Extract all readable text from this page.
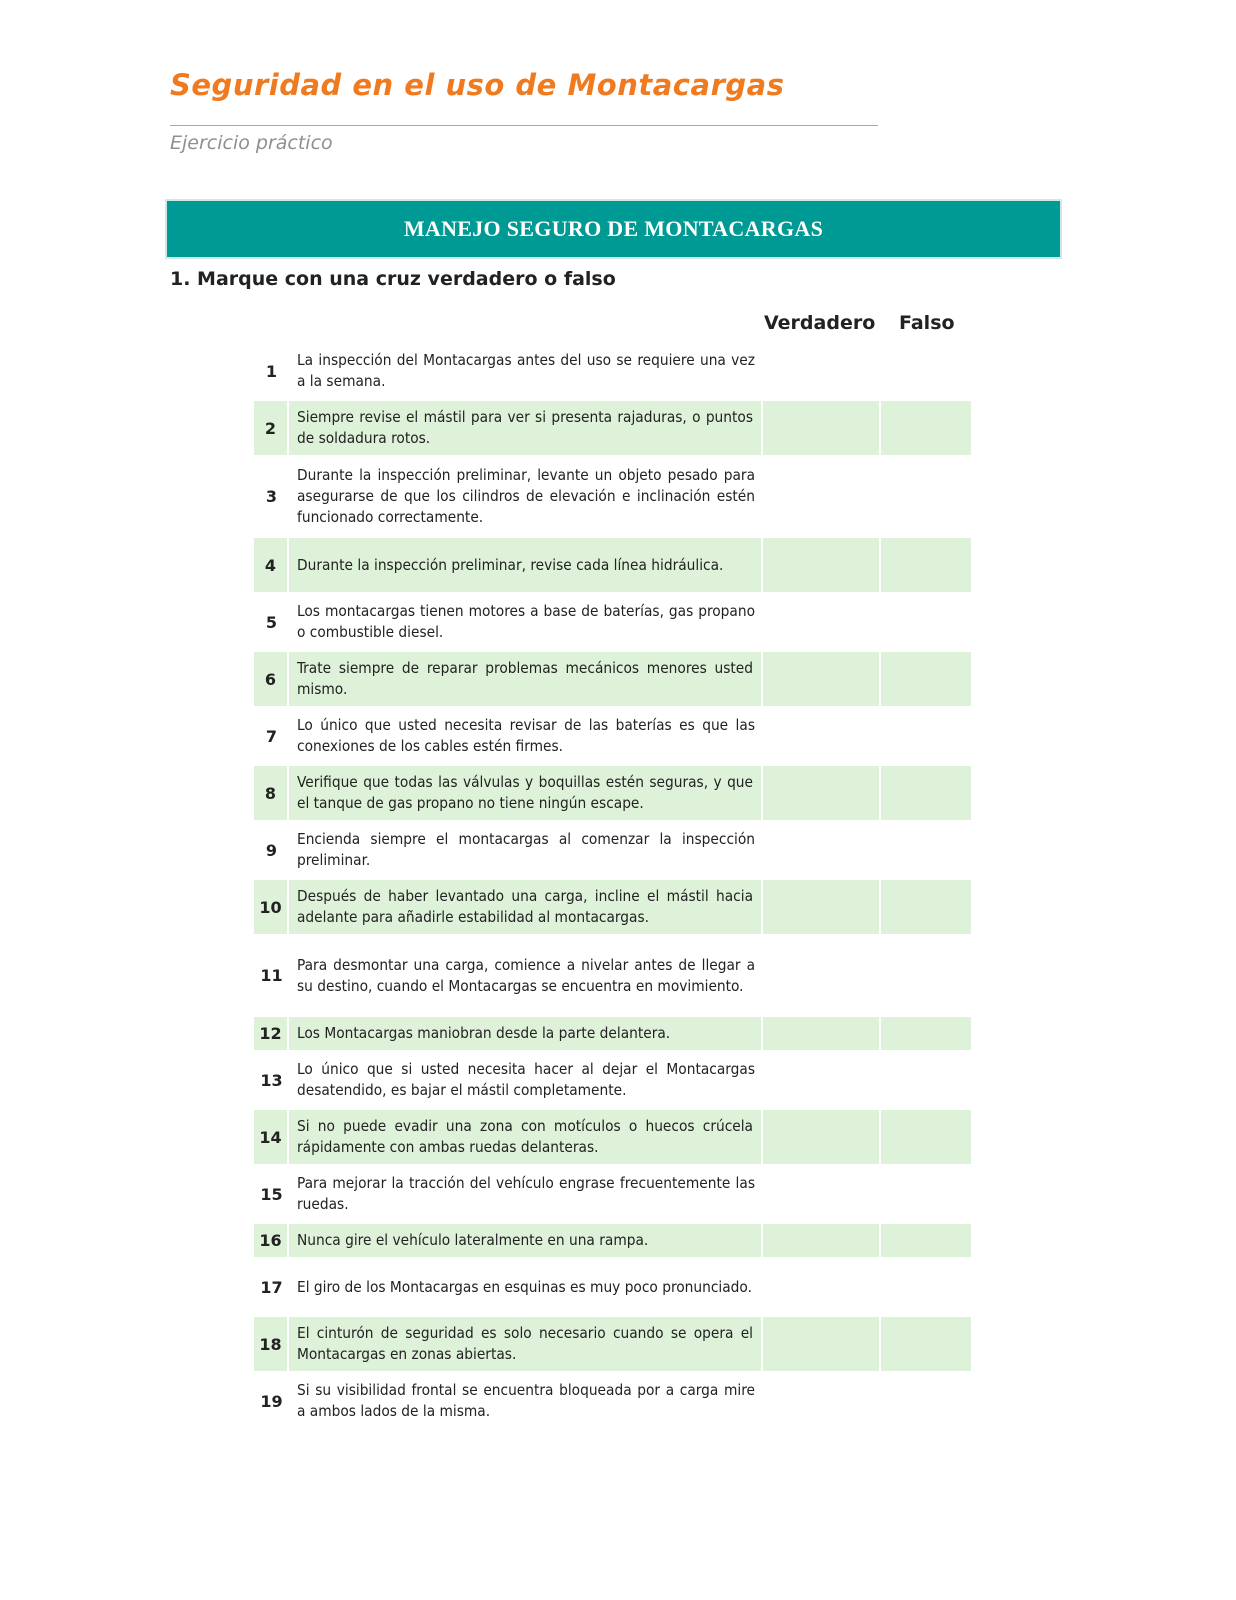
Seguridad en el uso de Montacargas

Ejercicio práctico

MANEJO SEGURO DE MONTACARGAS

1. Marque con una cruz verdadero o falso

Verdadero Falso
1	La inspección del Montacargas antes del uso se requiere una vez a la semana.		

2	Siempre revise el mástil para ver si presenta rajaduras, o puntos de soldadura rotos.		

3	Durante la inspección preliminar, levante un objeto pesado para asegurarse de que los cilindros de elevación e inclinación estén funcionado correctamente.		

4	Durante la inspección preliminar, revise cada línea hidráulica.		

5	Los montacargas tienen motores a base de baterías, gas propano o combustible diesel.		

6	Trate siempre de reparar problemas mecánicos menores usted mismo.		

7	Lo único que usted necesita revisar de las baterías es que las conexiones de los cables estén firmes.		

8	Verifique que todas las válvulas y boquillas estén seguras, y que el tanque de gas propano no tiene ningún escape.		

9	Encienda siempre el montacargas al comenzar la inspección preliminar.		

10	Después de haber levantado una carga, incline el mástil hacia adelante para añadirle estabilidad al montacargas.		

11	Para desmontar una carga, comience a nivelar antes de llegar a su destino, cuando el Montacargas se encuentra en movimiento.		

12	Los Montacargas maniobran desde la parte delantera.		

13	Lo único que si usted necesita hacer al dejar el Montacargas desatendido, es bajar el mástil completamente.		

14	Si no puede evadir una zona con motículos o huecos crúcela rápidamente con ambas ruedas delanteras.		

15	Para mejorar la tracción del vehículo engrase frecuentemente las ruedas.		

16	Nunca gire el vehículo lateralmente en una rampa.		

17	El giro de los Montacargas en esquinas es muy poco pronunciado.		

18	El cinturón de seguridad es solo necesario cuando se opera el Montacargas en zonas abiertas.		

19	Si su visibilidad frontal se encuentra bloqueada por a carga mire a ambos lados de la misma.		
